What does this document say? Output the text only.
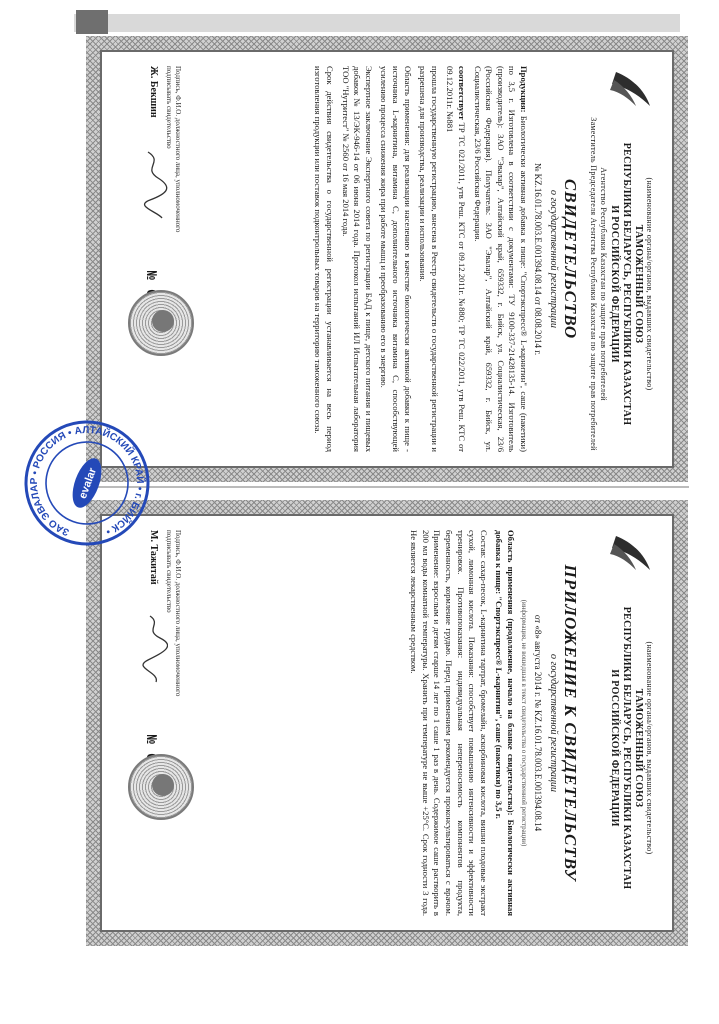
(наименование органа/органов, выдавших свидетельство)
ТАМОЖЕННЫЙ СОЮЗ
РЕСПУБЛИКИ БЕЛАРУСЬ, РЕСПУБЛИКИ КАЗАХСТАН
И РОССИЙСКОЙ ФЕДЕРАЦИИ
Агентство Республики Казахстан по защите прав потребителей
Заместитель Председателя Агентства Республики Казахстан по защите прав потребителей
СВИДЕТЕЛЬСТВО
о государственной регистрации
№ KZ.16.01.78.003.E.001394.08.14 от 08.08.2014 г.

Продукция: Биологически активная добавка к пище: "Спортэкспресс® L-карнитин", саше (пакетики) по 3,5 г. Изготовлена в соответствии с документами: ТУ 9100-337-21428135-14. Изготовитель (производитель): ЗАО "Эвалар", Алтайский край, 659332, г. Бийск, ул. Социалистическая, 23/6 (Российская Федерация). Получатель: ЗАО "Эвалар", Алтайский край, 659332, г. Бийск, ул. Социалистическая, 23/6 Российская Федерация.

соответствует ТР ТС 021/2011, утв Реш. КТС от 09.12.2011г. №880; ТР ТС 022/2011, утв Реш. КТС от 09.12.2011г. №881

прошла государственную регистрацию, внесена в Реестр свидетельств о государственной регистрации и разрешена для производства, реализации и использования.

Область применения: для реализации населению в качестве биологически активной добавки к пище - источника L-карнитина, витамина С, дополнительного источника витамина С, способствующей усилению процесса снижения жира при работе мышц и преобразованию его в энергию.

Экспертное заключение Экспертного совета по регистрации БАД к пище, детского питания и пищевых добавок № 13/ЭК-946-14 от 06 июня 2014 года. Протокол испытаний ИЛ Испытательная лаборатория ТОО "Нутритест" № 2560 от 16 мая 2014 года.

Срок действия свидетельства о государственной регистрации устанавливается на весь период изготовления продукции или поставок подконтрольных товаров на территорию таможенного союза.

Подпись, Ф.И.О. должностного лица, уполномоченного подписывать свидетельство
Ж. Бекшин
(наименование органа/органов, выдавших свидетельство)
ТАМОЖЕННЫЙ СОЮЗ
РЕСПУБЛИКИ БЕЛАРУСЬ, РЕСПУБЛИКИ КАЗАХСТАН
И РОССИЙСКОЙ ФЕДЕРАЦИИ
ПРИЛОЖЕНИЕ К СВИДЕТЕЛЬСТВУ
о государственной регистрации
от «8» августа 2014 г. № KZ.16.01.78.003.E.001394.08.14
(информация, не вошедшая в текст свидетельства о государственной регистрации)

Область применения (продолжение, начало на бланке свидетельства): Биологически активная добавка к пище: "Спортэкспресс® L-карнитин", саше (пакетики) по 3,5 г.

Состав: сахар-песок, L-карнитина тартрат, бромелайн, аскорбиновая кислота, вишни плодовые экстракт сухой, лимонная кислота. Показания: способствует повышению интенсивности и эффективности тренировок. Противопоказания: индивидуальная непереносимость компонентов продукта, беременность, кормление грудью. Перед применением рекомендуется проконсультироваться с врачом. Применение: взрослым и детям старше 14 лет по 1 саше 1 раз в день. Содержимое саше растворить в 200 мл воды комнатной температуры. Хранить при температуре не выше +25°С. Срок годности 3 года. Не является лекарственным средством.

Подпись, Ф.И.О. должностного лица, уполномоченного подписывать свидетельство
М. Тажитай
ЗАО ЭВАЛАР • РОССИЯ • АЛТАЙСКИЙ КРАЙ • г. БИЙСК •
evalar
